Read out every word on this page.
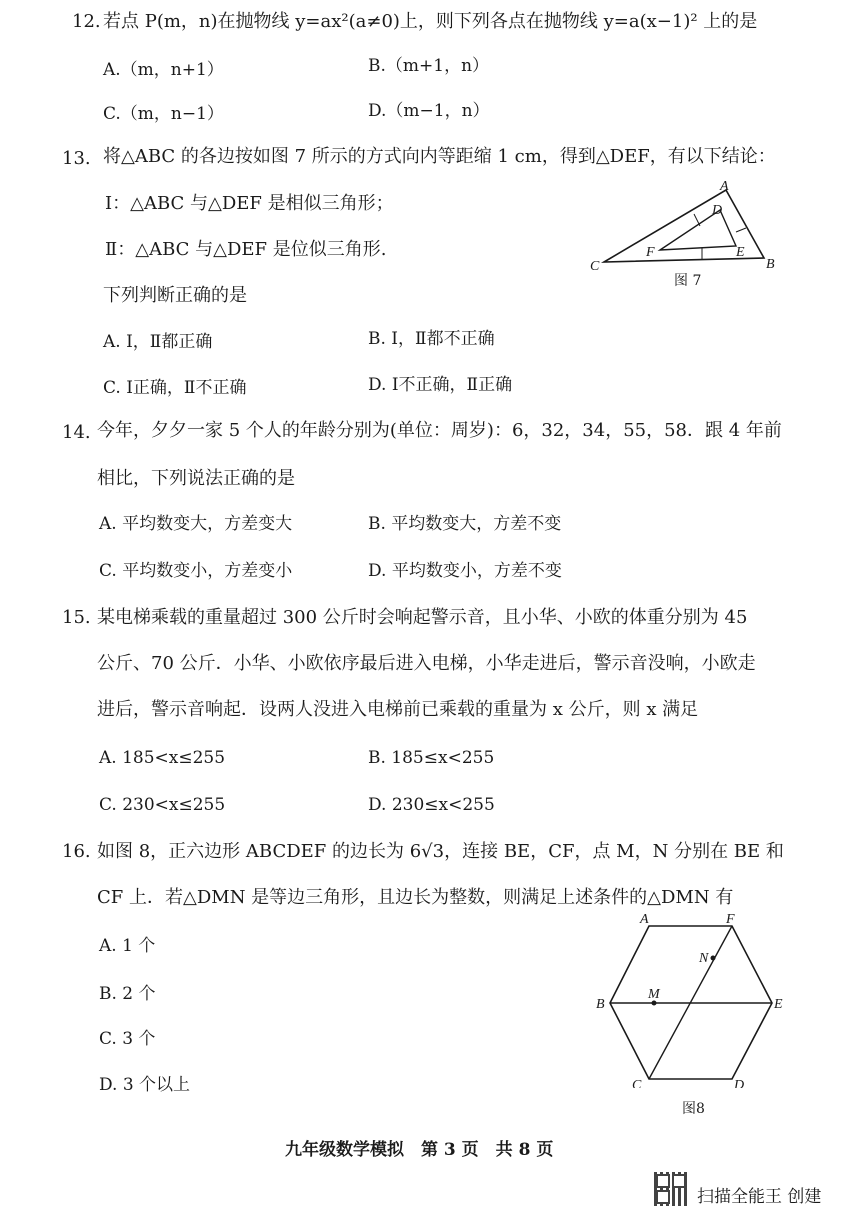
12. 若点 P(m，n)在抛物线 y=ax²(a≠0)上，则下列各点在抛物线 y=a(x−1)² 上的是
A.（m，n+1）	B.（m+1，n）
C.（m，n−1）	D.（m−1，n）
13. 将△ABC 的各边按如图 7 所示的方式向内等距缩 1 cm，得到△DEF，有以下结论：
Ⅰ：△ABC 与△DEF 是相似三角形；
Ⅱ：△ABC 与△DEF 是位似三角形.
下列判断正确的是
A. Ⅰ，Ⅱ都正确	B. Ⅰ，Ⅱ都不正确
C. Ⅰ正确，Ⅱ不正确	D. Ⅰ不正确，Ⅱ正确
A
B
C
D
E
F
图 7
14. 今年，夕夕一家 5 个人的年龄分别为(单位：周岁)：6，32，34，55，58．跟 4 年前
相比，下列说法正确的是
A. 平均数变大，方差变大	B. 平均数变大，方差不变
C. 平均数变小，方差变小	D. 平均数变小，方差不变
15. 某电梯乘载的重量超过 300 公斤时会响起警示音，且小华、小欧的体重分别为 45
公斤、70 公斤．小华、小欧依序最后进入电梯，小华走进后，警示音没响，小欧走
进后，警示音响起．设两人没进入电梯前已乘载的重量为 x 公斤，则 x 满足
A. 185<x≤255	B. 185≤x<255
C. 230<x≤255	D. 230≤x<255
16. 如图 8，正六边形 ABCDEF 的边长为 6√3，连接 BE，CF，点 M，N 分别在 BE 和
CF 上．若△DMN 是等边三角形，且边长为整数，则满足上述条件的△DMN 有
A. 1 个
B. 2 个
C. 3 个
D. 3 个以上
A	F
B	E
C	D
M
N
图8
九年级数学模拟　第 3 页　共 8 页
扫描全能王 创建
